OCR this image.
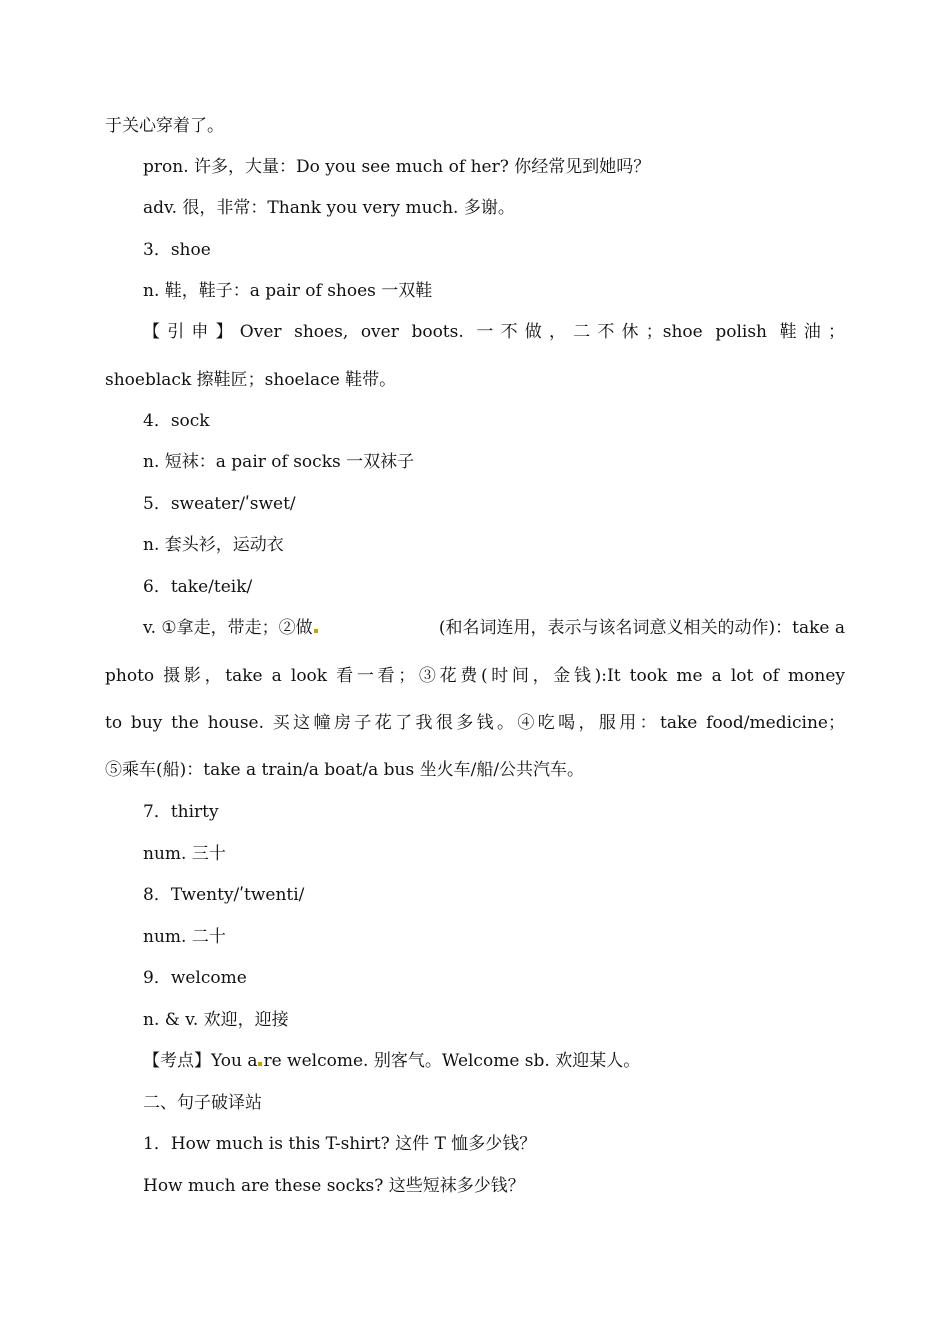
于关心穿着了。
pron. 许多，大量：Do you see much of her? 你经常见到她吗？
adv. 很，非常：Thank you very much. 多谢。
3．shoe
n. 鞋，鞋子：a pair of shoes 一双鞋
【引申】Over shoes, over boots. 一不做，二不休；shoe polish 鞋油；
shoeblack 擦鞋匠；shoelace 鞋带。
4．sock
n. 短袜：a pair of socks 一双袜子
5．sweater/ʹswet/
n. 套头衫，运动衣
6．take/teik/
v. ①拿走，带走；②做	(和名词连用，表示与该名词意义相关的动作)：take a
photo 摄影，take a look 看一看；③花费(时间，金钱):It took me a lot of money
to buy the house. 买这幢房子花了我很多钱。④吃喝，服用：take food/medicine；
⑤乘车(船)：take a train/a boat/a bus 坐火车/船/公共汽车。
7．thirty
num. 三十
8．Twenty/ʹtwenti/
num. 二十
9．welcome
n. & v. 欢迎，迎接
【考点】You a re welcome. 别客气。Welcome sb. 欢迎某人。
二、句子破译站
1．How much is this T-shirt? 这件 T 恤多少钱？
How much are these socks? 这些短袜多少钱？
